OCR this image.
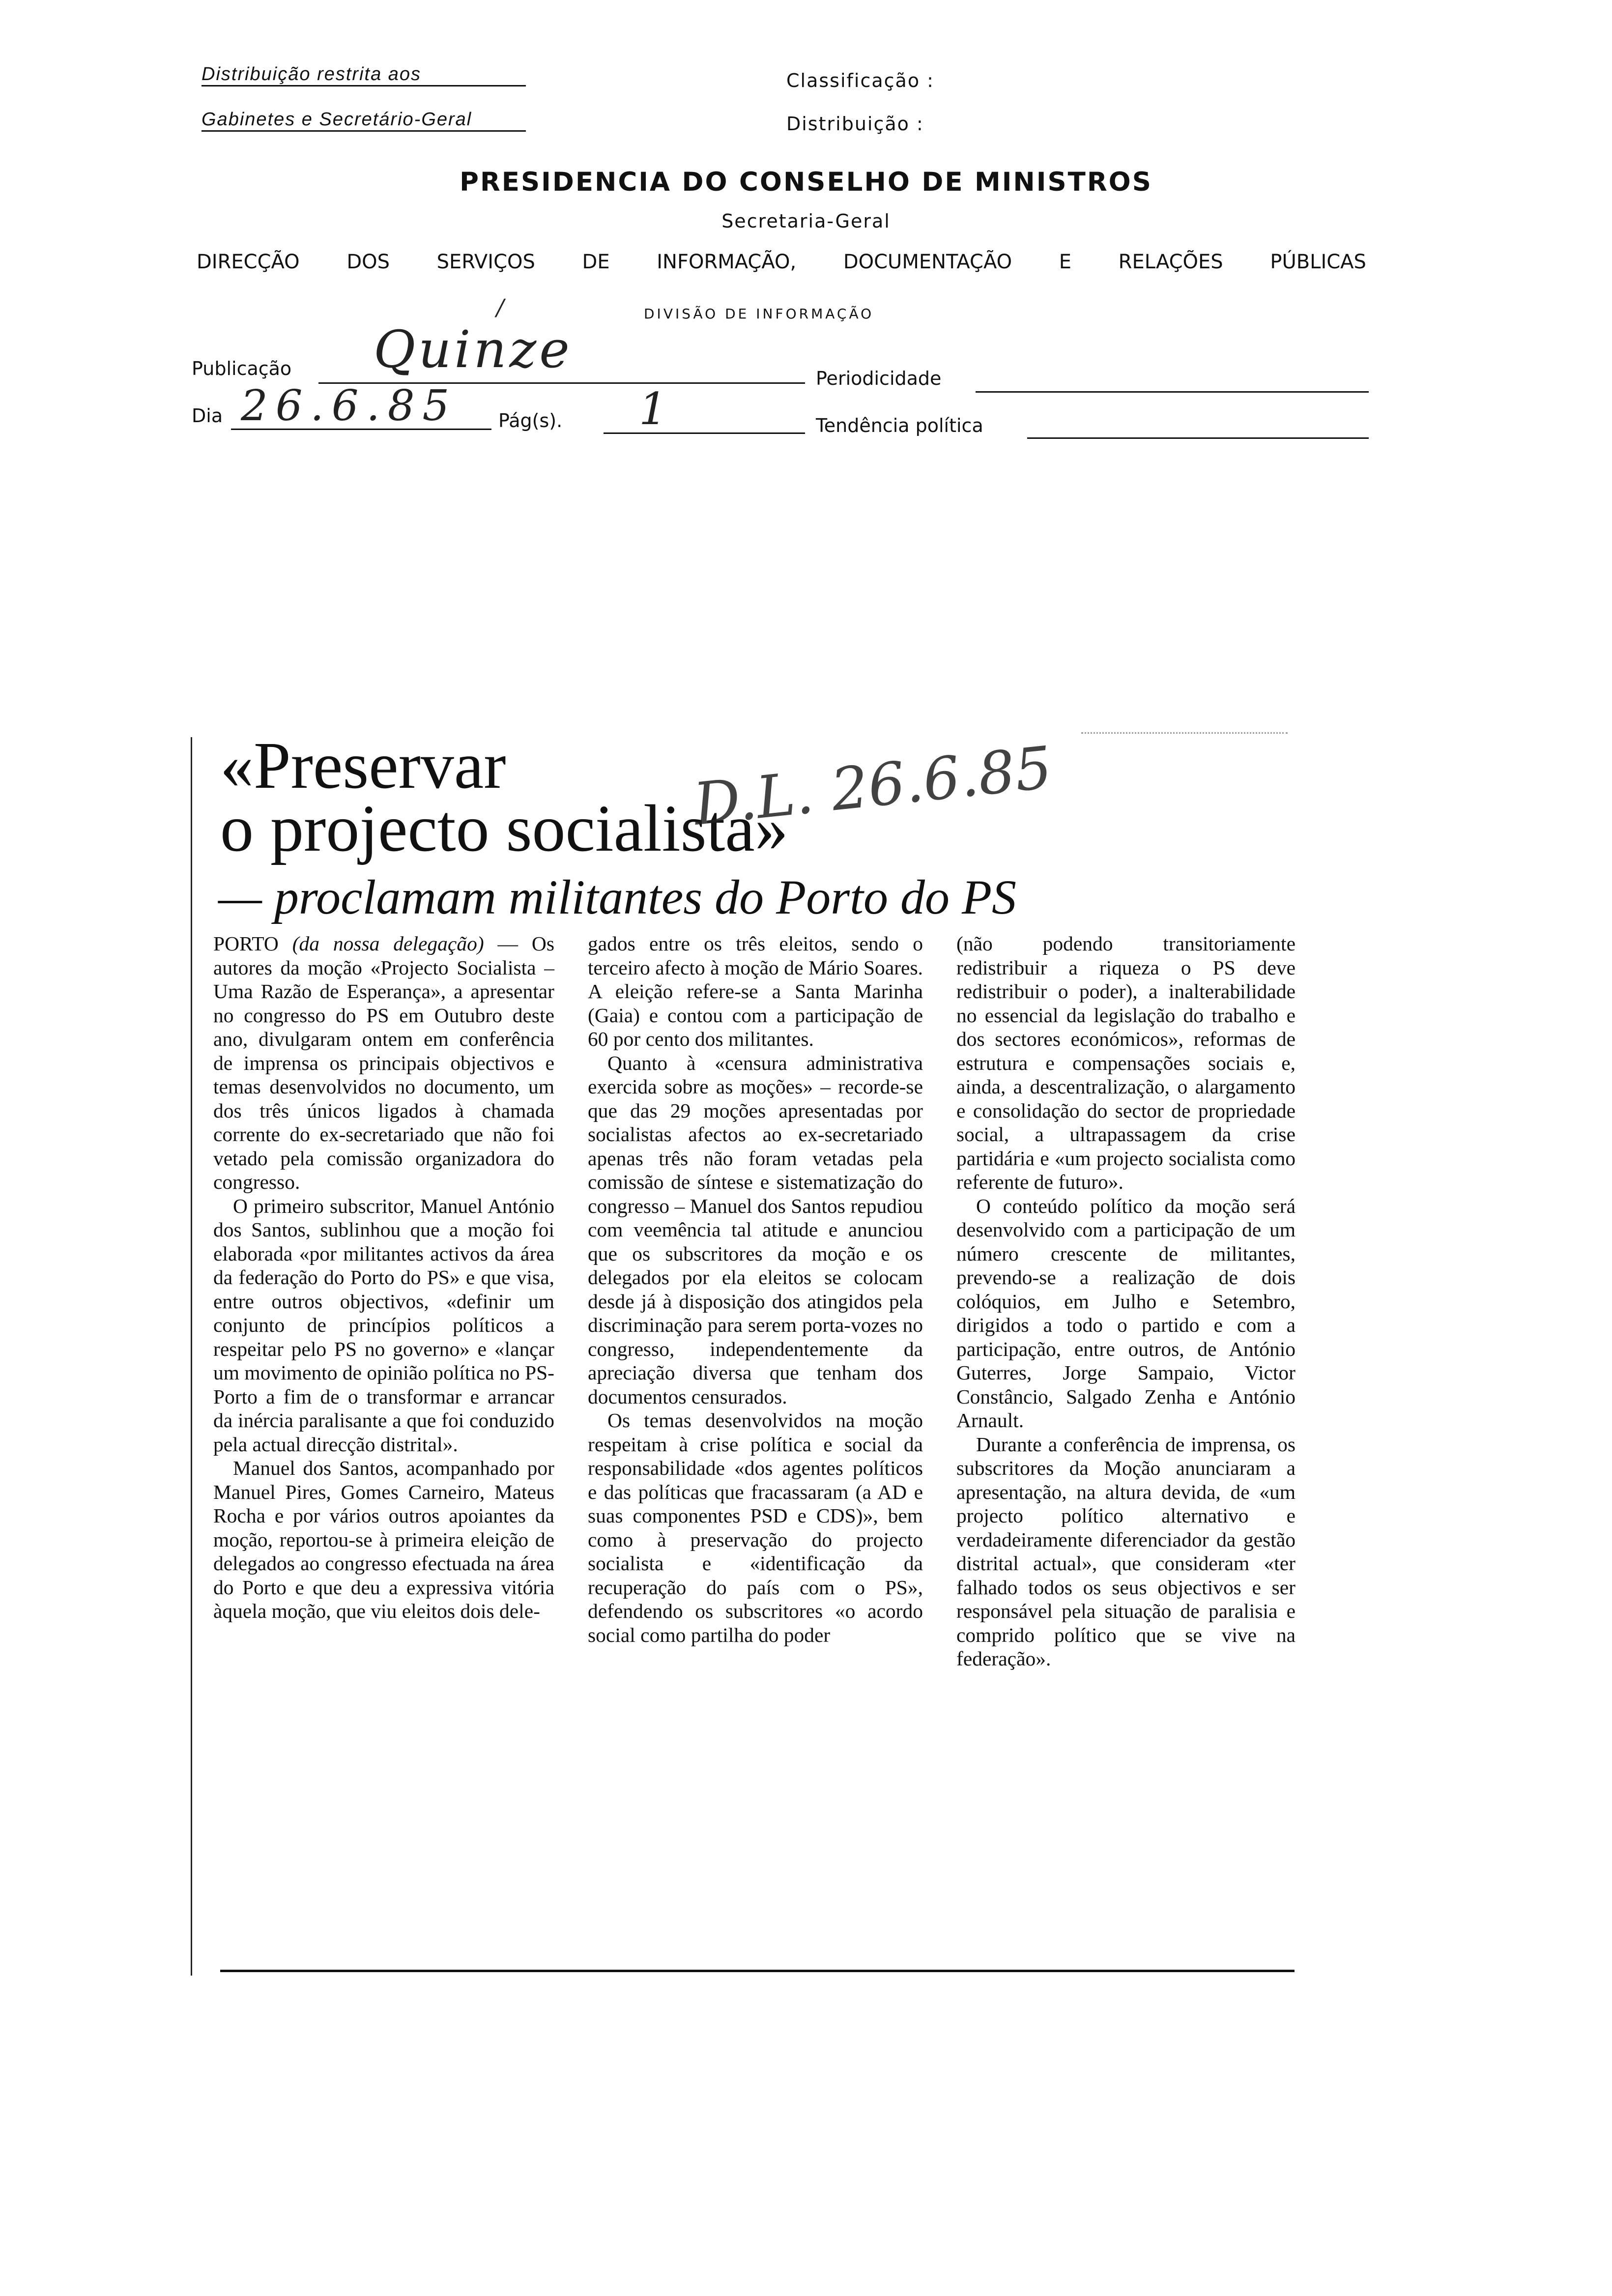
Distribuição restrita aos
Gabinetes e Secretário-Geral
Classificação :
Distribuição :
PRESIDENCIA DO CONSELHO DE MINISTROS
Secretaria-Geral
DIRECÇÃO DOS SERVIÇOS DE INFORMAÇÃO, DOCUMENTAÇÃO E RELAÇÕES PÚBLICAS
DIVISÃO DE INFORMAÇÃO
/
Publicação Quinze	Periodicidade
Dia 26.6.85 Pág(s). 1	Tendência política
«Preservar
o projecto socialista»
D.L. 26.6.85
— proclamam militantes do Porto do PS

PORTO (da nossa delegação) — Os autores da moção «Projecto Socialista – Uma Razão de Esperança», a apresentar no congresso do PS em Outubro deste ano, divulgaram ontem em conferência de imprensa os principais objectivos e temas desenvolvidos no documento, um dos três únicos ligados à chamada corrente do ex-secretariado que não foi vetado pela comissão organizadora do congresso.

O primeiro subscritor, Manuel António dos Santos, sublinhou que a moção foi elaborada «por militantes activos da área da federação do Porto do PS» e que visa, entre outros objectivos, «definir um conjunto de princípios políticos a respeitar pelo PS no governo» e «lançar um movimento de opinião política no PS-Porto a fim de o transformar e arrancar da inércia paralisante a que foi conduzido pela actual direcção distrital».

Manuel dos Santos, acompanhado por Manuel Pires, Gomes Carneiro, Mateus Rocha e por vários outros apoiantes da moção, reportou-se à primeira eleição de delegados ao congresso efectuada na área do Porto e que deu a expressiva vitória àquela moção, que viu eleitos dois dele-

gados entre os três eleitos, sendo o terceiro afecto à moção de Mário Soares. A eleição refere-se a Santa Marinha (Gaia) e contou com a participação de 60 por cento dos militantes.

Quanto à «censura administrativa exercida sobre as moções» – recorde-se que das 29 moções apresentadas por socialistas afectos ao ex-secretariado apenas três não foram vetadas pela comissão de síntese e sistematização do congresso – Manuel dos Santos repudiou com veemência tal atitude e anunciou que os subscritores da moção e os delegados por ela eleitos se colocam desde já à disposição dos atingidos pela discriminação para serem porta-vozes no congresso, independentemente da apreciação diversa que tenham dos documentos censurados.

Os temas desenvolvidos na moção respeitam à crise política e social da responsabilidade «dos agentes políticos e das políticas que fracassaram (a AD e suas componentes PSD e CDS)», bem como à preservação do projecto socialista e «identificação da recuperação do país com o PS», defendendo os subscritores «o acordo social como partilha do poder

(não podendo transitoriamente redistribuir a riqueza o PS deve redistribuir o poder), a inalterabilidade no essencial da legislação do trabalho e dos sectores económicos», reformas de estrutura e compensações sociais e, ainda, a descentralização, o alargamento e consolidação do sector de propriedade social, a ultrapassagem da crise partidária e «um projecto socialista como referente de futuro».

O conteúdo político da moção será desenvolvido com a participação de um número crescente de militantes, prevendo-se a realização de dois colóquios, em Julho e Setembro, dirigidos a todo o partido e com a participação, entre outros, de António Guterres, Jorge Sampaio, Victor Constâncio, Salgado Zenha e António Arnault.

Durante a conferência de imprensa, os subscritores da Moção anunciaram a apresentação, na altura devida, de «um projecto político alternativo e verdadeiramente diferenciador da gestão distrital actual», que consideram «ter falhado todos os seus objectivos e ser responsável pela situação de paralisia e comprido político que se vive na federação».
